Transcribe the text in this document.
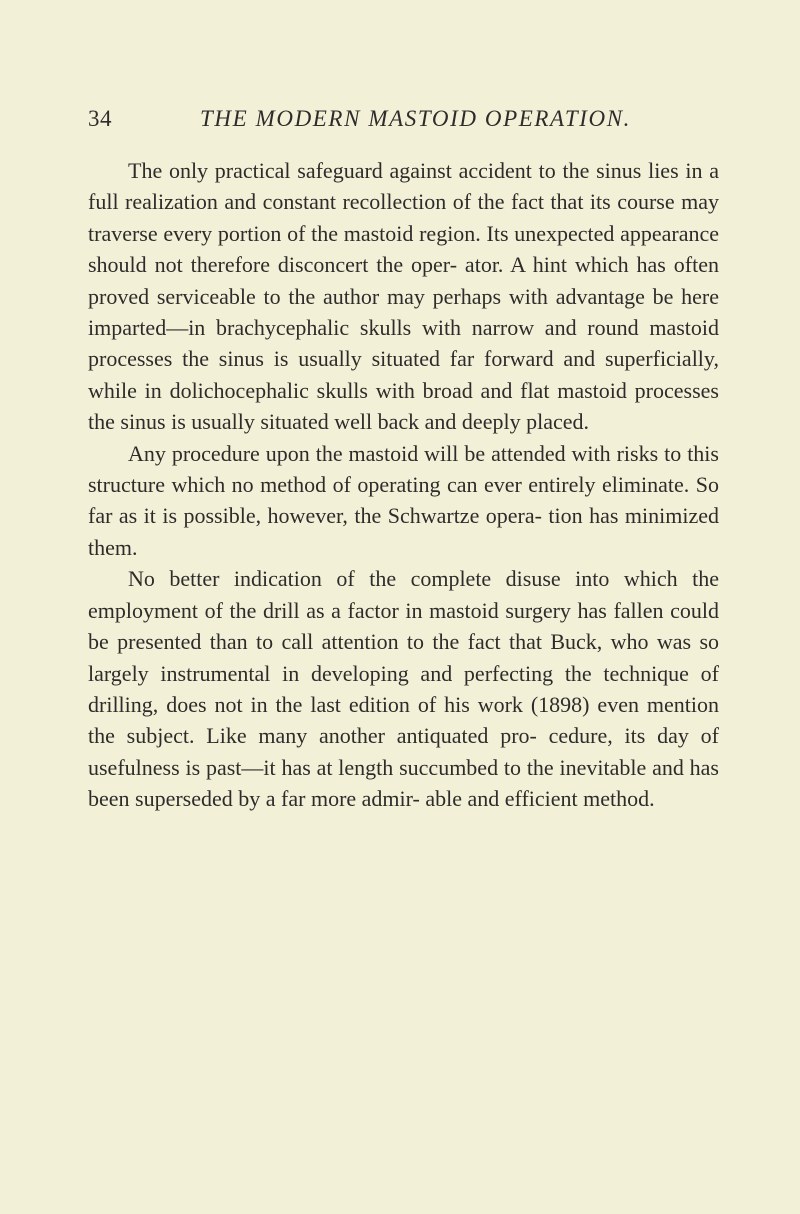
34	THE MODERN MASTOID OPERATION.

The only practical safeguard against accident to the sinus lies in a full realization and constant recollection of the fact that its course may traverse every portion of the mastoid region. Its unexpected appearance should not therefore disconcert the oper- ator. A hint which has often proved serviceable to the author may perhaps with advantage be here imparted—in brachycephalic skulls with narrow and round mastoid processes the sinus is usually situated far forward and superficially, while in dolichocephalic skulls with broad and flat mastoid processes the sinus is usually situated well back and deeply placed.

Any procedure upon the mastoid will be attended with risks to this structure which no method of operating can ever entirely eliminate. So far as it is possible, however, the Schwartze opera- tion has minimized them.

No better indication of the complete disuse into which the employment of the drill as a factor in mastoid surgery has fallen could be presented than to call attention to the fact that Buck, who was so largely instrumental in developing and perfecting the technique of drilling, does not in the last edition of his work (1898) even mention the subject. Like many another antiquated pro- cedure, its day of usefulness is past—it has at length succumbed to the inevitable and has been superseded by a far more admir- able and efficient method.
